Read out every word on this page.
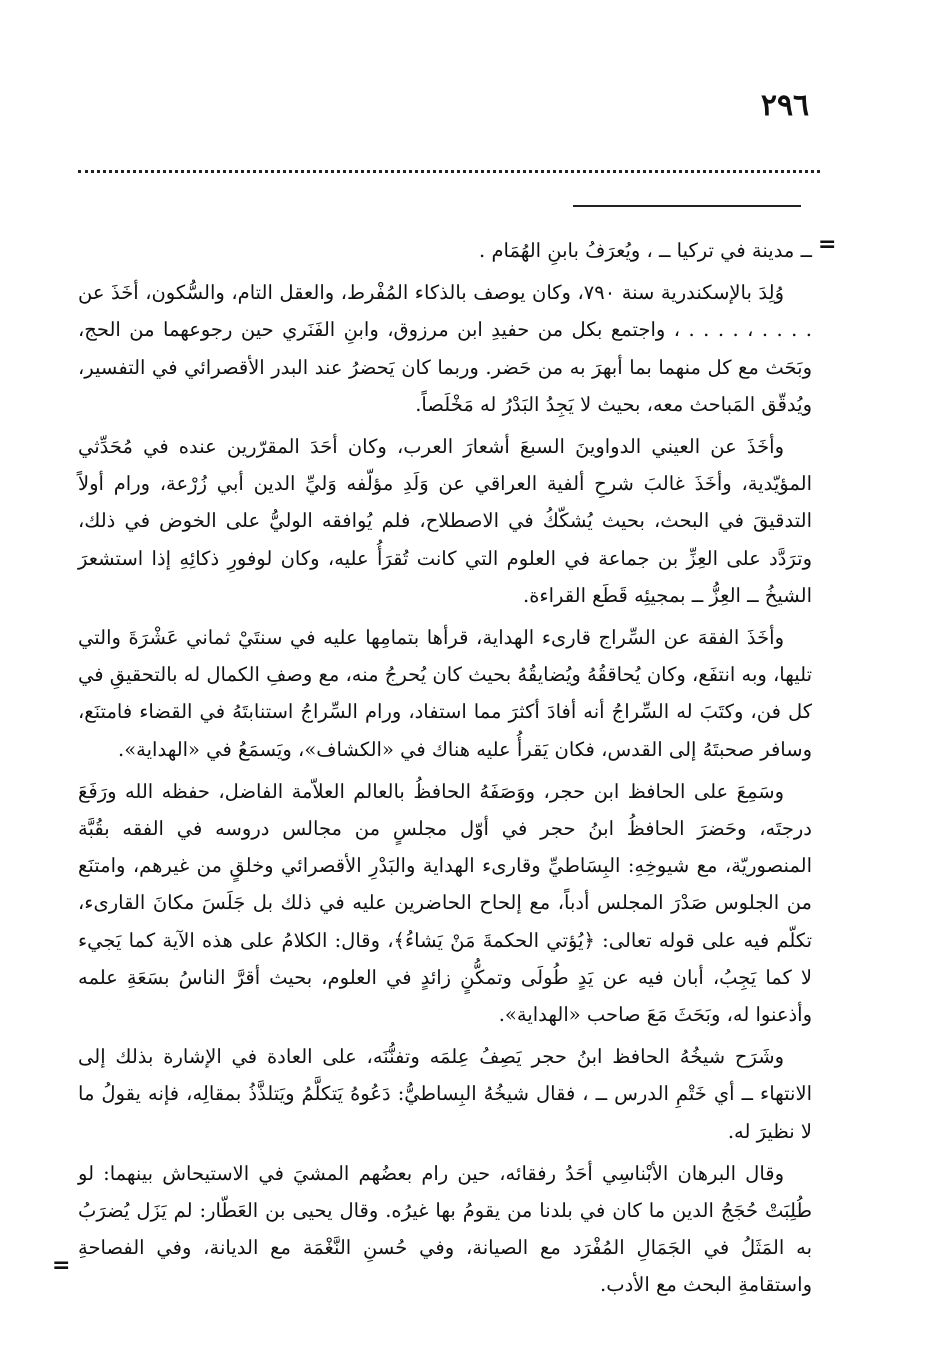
٢٩٦
=

ــ مدينة في تركيا ــ ، ويُعرَفُ بابنِ الهُمَام .

وُلِدَ بالإسكندرية سنة ٧٩٠، وكان يوصف بالذكاء المُفْرط، والعقل التام، والسُّكون، أخَذَ عن . . . . ، . . . . ، واجتمع بكل من حفيدِ ابن مرزوق، وابنِ الفَنَري حين رجوعهما من الحج، وبَحَث مع كل منهما بما أبهرَ به من حَضر. وربما كان يَحضرُ عند البدر الأقصرائي في التفسير، ويُدقّق المَباحث معه، بحيث لا يَجِدُ البَدْرُ له مَخْلَصاً.

وأخَذَ عن العيني الدواوينَ السبعَ أشعارَ العرب، وكان أحَدَ المقرّرين عنده في مُحَدِّثي المؤيّدية، وأخَذَ غالبَ شرحِ ألفية العراقي عن وَلَدِ مؤلّفه وَليِّ الدين أبي زُرْعة، ورام أولاً التدقيقَ في البحث، بحيث يُشكّكُ في الاصطلاح، فلم يُوافقه الوليُّ على الخوض في ذلك، وترَدَّد على العِزِّ بن جماعة في العلوم التي كانت تُقرَأُ عليه، وكان لوفورِ ذكائِهِ إذا استشعرَ الشيخُ ــ العِزُّ ــ بمجيئِه قَطَع القراءة.

وأخَذَ الفقهَ عن السِّراج قارىء الهداية، قرأها بتمامِها عليه في سنتَيْ ثماني عَشْرَةَ والتي تليها، وبه انتفَع، وكان يُحاققُهُ ويُضايقُهُ بحيث كان يُحرجُ منه، مع وصفِ الكمال له بالتحقيقِ في كل فن، وكتَبَ له السِّراجُ أنه أفادَ أكثرَ مما استفاد، ورام السِّراجُ استنابتَهُ في القضاء فامتنَع، وسافر صحبتَهُ إلى القدس، فكان يَقرأُ عليه هناك في «الكشاف»، ويَسمَعُ في «الهداية».

وسَمِعَ على الحافظ ابن حجر، ووَصَفَهُ الحافظُ بالعالم العلاّمة الفاضل، حفظه الله ورَفَعَ درجتَه، وحَضرَ الحافظُ ابنُ حجر في أوّل مجلسٍ من مجالس دروسه في الفقه بقُبَّة المنصوريّة، مع شيوخِهِ: البِسَاطيِّ وقارىء الهداية والبَدْرِ الأقصرائي وخلقٍ من غيرهم، وامتنَع من الجلوس صَدْرَ المجلس أدباً، مع إلحاح الحاضرين عليه في ذلك بل جَلَسَ مكانَ القارىء، تكلّم فيه على قوله تعالى: ﴿يُؤتي الحكمةَ مَنْ يَشاءُ﴾، وقال: الكلامُ على هذه الآية كما يَجيء لا كما يَجِبُ، أبان فيه عن يَدٍ طُولَى وتمكُّنٍ زائدٍ في العلوم، بحيث أقرَّ الناسُ بسَعَةِ علمه وأذعنوا له، وبَحَثَ مَعَ صاحب «الهداية».

وشَرَح شيخُهُ الحافظ ابنُ حجر يَصِفُ عِلمَه وتفنُّنَه، على العادة في الإشارة بذلك إلى الانتهاء ــ أي خَتْمِ الدرس ــ ، فقال شيخُهُ البِساطيُّ: دَعُوهُ يَتكلَّمُ ويَتلذَّذُ بمقالِه، فإنه يقولُ ما لا نظيرَ له.

وقال البرهان الأبْناسِي أحَدُ رفقائه، حين رام بعضُهم المشيَ في الاستيحاش بينهما: لو طُلِبَتْ حُجَجُ الدين ما كان في بلدنا من يقومُ بها غيرُه. وقال يحيى بن العَطّار: لم يَزَل يُضرَبُ به المَثَلُ في الجَمَالِ المُفْرَد مع الصيانة، وفي حُسنِ النَّغْمَة مع الديانة، وفي الفصاحةِ واستقامةِ البحث مع الأدب.

=
